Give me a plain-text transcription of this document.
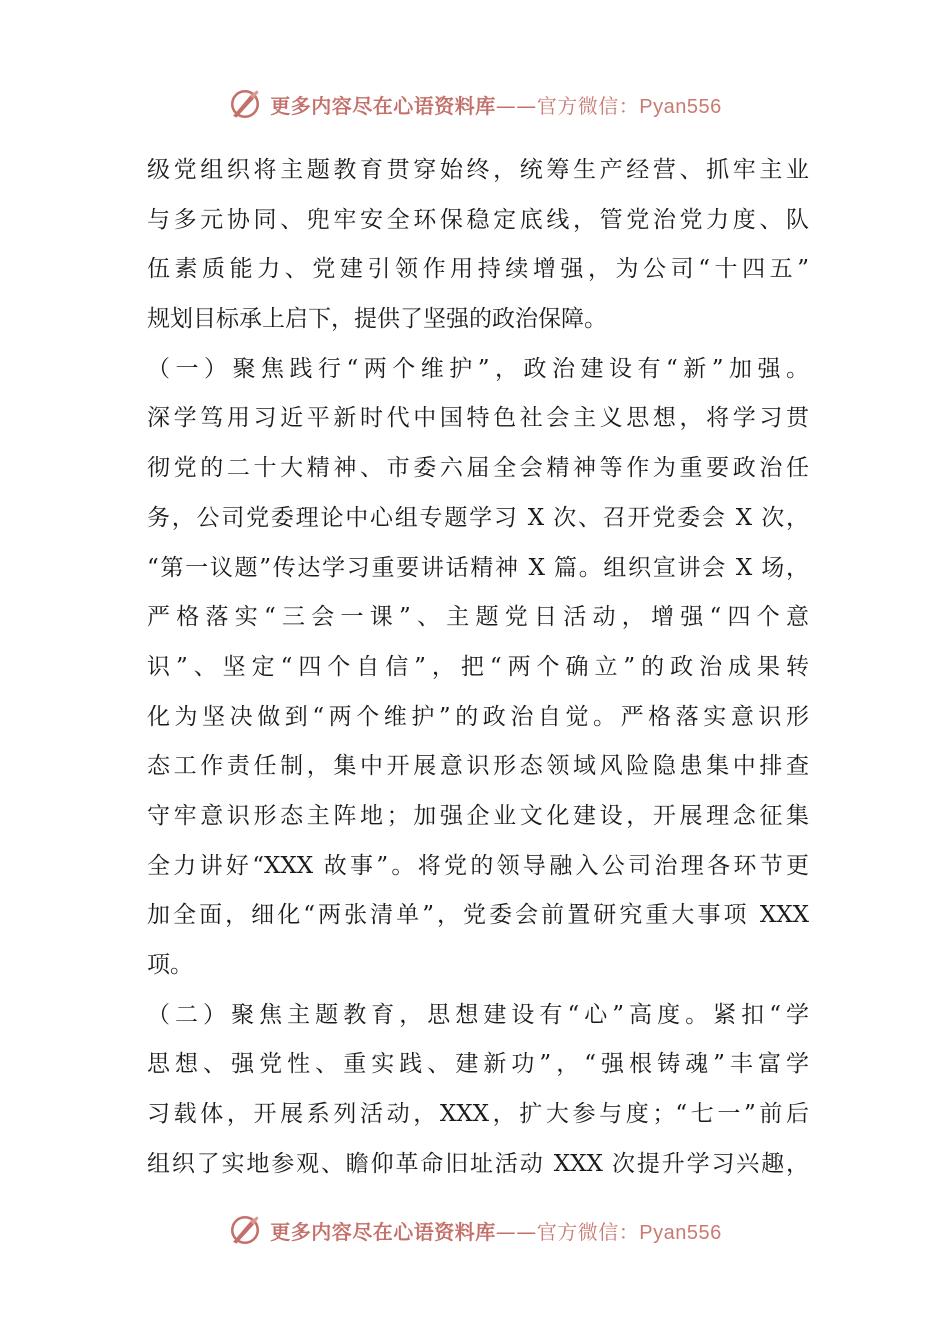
更多内容尽在心语资料库——官方微信：Pyan556
级党组织将主题教育贯穿始终，统筹生产经营、抓牢主业
与多元协同、兜牢安全环保稳定底线，管党治党力度、队
伍素质能力、党建引领作用持续增强，为公司“十四五”
规划目标承上启下，提供了坚强的政治保障。
（一）聚焦践行“两个维护”，政治建设有“新”加强。
深学笃用习近平新时代中国特色社会主义思想，将学习贯
彻党的二十大精神、市委六届全会精神等作为重要政治任
务，公司党委理论中心组专题学习 X 次、召开党委会 X 次，
“第一议题”传达学习重要讲话精神 X 篇。组织宣讲会 X 场，
严格落实“三会一课”、主题党日活动，增强“四个意
识”、坚定“四个自信”，把“两个确立”的政治成果转
化为坚决做到“两个维护”的政治自觉。严格落实意识形
态工作责任制，集中开展意识形态领域风险隐患集中排查
守牢意识形态主阵地；加强企业文化建设，开展理念征集
全力讲好“XXX 故事”。将党的领导融入公司治理各环节更
加全面，细化“两张清单”，党委会前置研究重大事项 XXX
项。
（二）聚焦主题教育，思想建设有“心”高度。紧扣“学
思想、强党性、重实践、建新功”，“强根铸魂”丰富学
习载体，开展系列活动，XXX，扩大参与度；“七一”前后
组织了实地参观、瞻仰革命旧址活动 XXX 次提升学习兴趣，
更多内容尽在心语资料库——官方微信：Pyan556
